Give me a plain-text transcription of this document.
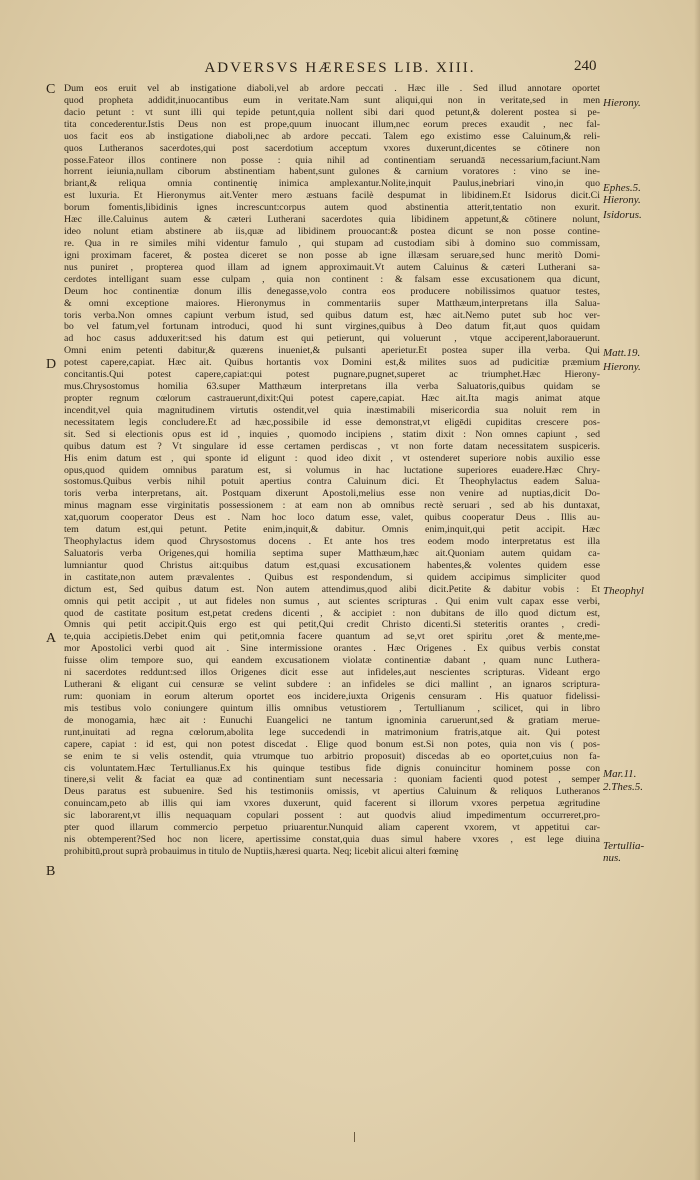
ADVERSVS HÆRESES LIB. XIII.	240
Dum eos eruit vel ab instigatione diaboli,vel ab ardore peccati . Hæc ille . Sed illud annotare oportet
quod propheta addidit,inuocantibus eum in veritate.Nam sunt aliqui,qui non in veritate,sed in men
dacio petunt : vt sunt illi qui tepide petunt,quia nollent sibi dari quod petunt,& dolerent postea si pe-
tita concederentur.Istis Deus non est prope,quum inuocant illum,nec eorum preces exaudit , nec fal-
uos facit eos ab instigatione diaboli,nec ab ardore peccati. Talem ego existimo esse Caluinum,& reli-
quos Lutheranos sacerdotes,qui post sacerdotium acceptum vxores duxerunt,dicentes se cōtinere non
posse.Fateor illos continere non posse : quia nihil ad continentiam seruandā necessarium,faciunt.Nam
horrent ieiunia,nullam ciborum abstinentiam habent,sunt gulones & carnium voratores : vino se ine-
briant,& reliqua omnia continentię inimica amplexantur.Nolite,inquit Paulus,inebriari vino,in quo
est luxuria. Et Hieronymus ait.Venter mero æstuans facilè despumat in libidinem.Et Isidorus dicit.Ci
borum fomentis,libidinis ignes increscunt:corpus autem quod abstinentia atterit,tentatio non exurit.
Hæc ille.Caluinus autem & cæteri Lutherani sacerdotes quia libidinem appetunt,& cōtinere nolunt,
ideo nolunt etiam abstinere ab iis,quæ ad libidinem prouocant:& postea dicunt se non posse contine-
re. Qua in re similes mihi videntur famulo , qui stupam ad custodiam sibi à domino suo commissam,
igni proximam faceret, & postea diceret se non posse ab igne illæsam seruare,sed hunc meritò Domi-
nus puniret , propterea quod illam ad ignem approximauit.Vt autem Caluinus & cæteri Lutherani sa-
cerdotes intelligant suam esse culpam , quia non continent : & falsam esse excusationem qua dicunt,
Deum hoc continentiæ donum illis denegasse,volo contra eos producere nobilissimos quatuor testes,
& omni exceptione maiores. Hieronymus in commentariis super Matthæum,interpretans illa Salua-
toris verba.Non omnes capiunt verbum istud, sed quibus datum est, hæc ait.Nemo putet sub hoc ver-
bo vel fatum,vel fortunam introduci, quod hi sunt virgines,quibus à Deo datum fit,aut quos quidam
ad hoc casus adduxerit:sed his datum est qui petierunt, qui voluerunt , vtque acciperent,laborauerunt.
Omni enim petenti dabitur,& quærens inueniet,& pulsanti aperietur.Et postea super illa verba. Qui
potest capere,capiat. Hæc ait. Quibus hortantis vox Domini est,& milites suos ad pudicitiæ præmium
concitantis.Qui potest capere,capiat:qui potest pugnare,pugnet,superet ac triumphet.Hæc Hierony-
mus.Chrysostomus homilia 63.super Matthæum interpretans illa verba Saluatoris,quibus quidam se
propter regnum cœlorum castrauerunt,dixit:Qui potest capere,capiat. Hæc ait.Ita magis animat atque
incendit,vel quia magnitudinem virtutis ostendit,vel quia inæstimabili misericordia sua noluit rem in
necessitatem legis concludere.Et ad hæc,possibile id esse demonstrat,vt eligēdi cupiditas crescere pos-
sit. Sed si electionis opus est id , inquies , quomodo incipiens , statim dixit : Non omnes capiunt , sed
quibus datum est ? Vt singulare id esse certamen perdiscas , vt non forte datam necessitatem suspiceris.
His enim datum est , qui sponte id eligunt : quod ideo dixit , vt ostenderet superiore nobis auxilio esse
opus,quod quidem omnibus paratum est, si volumus in hac luctatione superiores euadere.Hæc Chry-
sostomus.Quibus verbis nihil potuit apertius contra Caluinum dici. Et Theophylactus eadem Salua-
toris verba interpretans, ait. Postquam dixerunt Apostoli,melius esse non venire ad nuptias,dicit Do-
minus magnam esse virginitatis possessionem : at eam non ab omnibus rectè seruari , sed ab his duntaxat,
xat,quorum cooperator Deus est . Nam hoc loco datum esse, valet, quibus cooperatur Deus . Illis au-
tem datum est,qui petunt. Petite enim,inquit,& dabitur. Omnis enim,inquit,qui petit accipit. Hæc
Theophylactus idem quod Chrysostomus docens . Et ante hos tres eodem modo interpretatus est illa
Saluatoris verba Origenes,qui homilia septima super Matthæum,hæc ait.Quoniam autem quidam ca-
lumniantur quod Christus ait:quibus datum est,quasi excusationem habentes,& volentes quidem esse
in castitate,non autem prævalentes . Quibus est respondendum, si quidem accipimus simpliciter quod
dictum est, Sed quibus datum est. Non autem attendimus,quod alibi dicit.Petite & dabitur vobis : Et
omnis qui petit accipit , ut aut fideles non sumus , aut scientes scripturas . Qui enim vult capax esse verbi,
quod de castitate positum est,petat credens dicenti , & accipiet : non dubitans de illo quod dictum est,
Omnis qui petit accipit.Quis ergo est qui petit,Qui credit Christo dicenti.Si steteritis orantes , credi-
te,quia accipietis.Debet enim qui petit,omnia facere quantum ad se,vt oret spiritu ,oret & mente,me-
mor Apostolici verbi quod ait . Sine intermissione orantes . Hæc Origenes . Ex quibus verbis constat
fuisse olim tempore suo, qui eandem excusationem violatæ continentiæ dabant , quam nunc Luthera-
ni sacerdotes reddunt:sed illos Origenes dicit esse aut infideles,aut nescientes scripturas. Videant ergo
Lutherani & eligant cui censuræ se velint subdere : an infideles se dici mallint , an ignaros scriptura-
rum: quoniam in eorum alterum oportet eos incidere,iuxta Origenis censuram . His quatuor fidelissi-
mis testibus volo coniungere quintum illis omnibus vetustiorem , Tertullianum , scilicet, qui in libro
de monogamia, hæc ait : Eunuchi Euangelici ne tantum ignominia caruerunt,sed & gratiam merue-
runt,inuitati ad regna cœlorum,abolita lege succedendi in matrimonium fratris,atque ait. Qui potest
capere, capiat : id est, qui non potest discedat . Elige quod bonum est.Si non potes, quia non vis ( pos-
se enim te si velis ostendit, quia vtrumque tuo arbitrio proposuit) discedas ab eo oportet,cuius non fa-
cis voluntatem.Hæc Tertullianus.Ex his quinque testibus fide dignis conuincitur hominem posse con
tinere,si velit & faciat ea quæ ad continentiam sunt necessaria : quoniam facienti quod potest , semper
Deus paratus est subuenire. Sed his testimoniis omissis, vt apertius Caluinum & reliquos Lutheranos
conuincam,peto ab illis qui iam vxores duxerunt, quid facerent si illorum vxores perpetua ægritudine
sic laborarent,vt illis nequaquam copulari possent : aut quodvis aliud impedimentum occurreret,pro-
pter quod illarum commercio perpetuo priuarentur.Nunquid aliam caperent vxorem, vt appetitui car-
nis obtemperent?Sed hoc non licere, apertissime constat,quia duas simul habere vxores , est lege diuina
prohibitū,prout suprà probauimus in titulo de Nuptiis,hæresi quarta. Neq; licebit alicui alteri fœminę
C
D
A
B
Hierony.
Ephes.5.
Hierony.
Isidorus.
Matt.19.
Hierony.
Theophyl
Mar.11.
2.Thes.5.
Tertullia-
nus.
